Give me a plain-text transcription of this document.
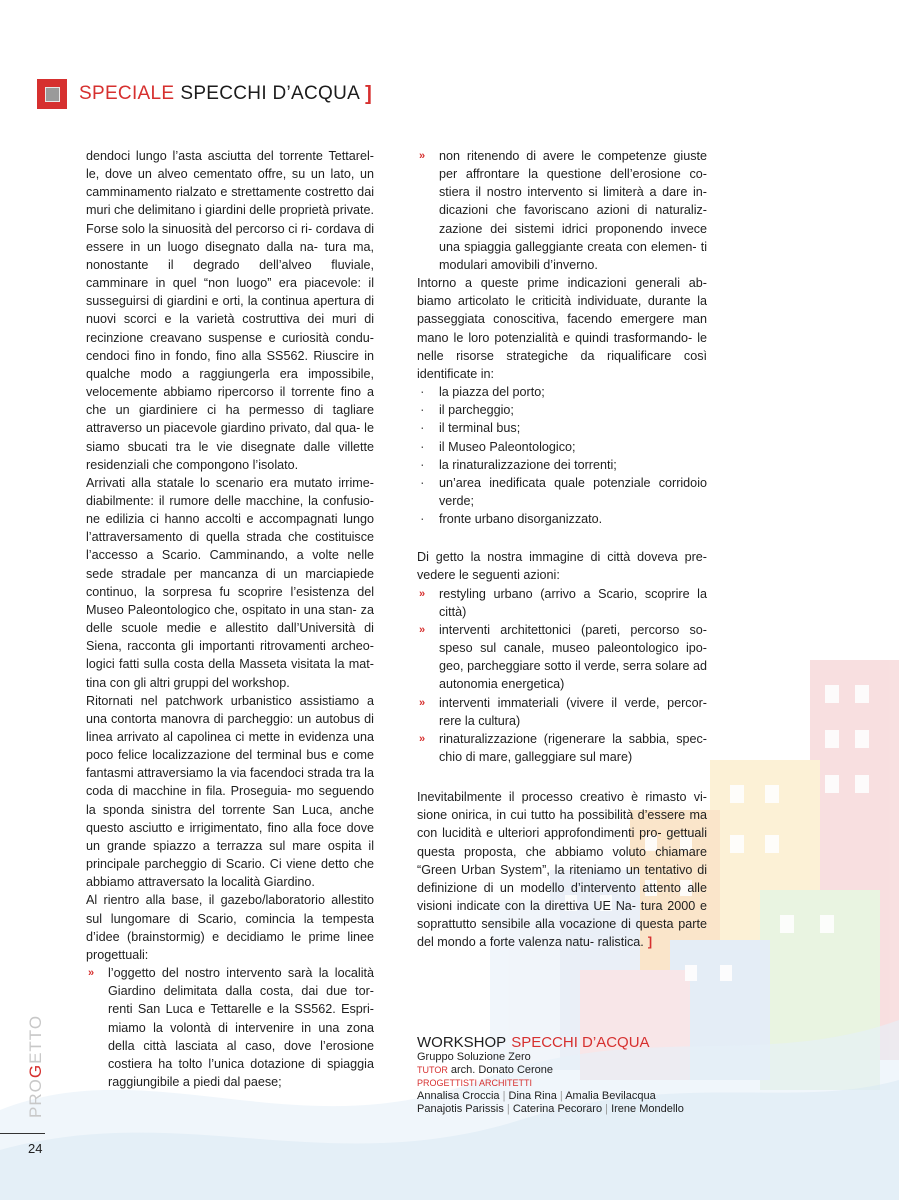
SPECIALE SPECCHI D’ACQUA ]

dendoci lungo l’asta asciutta del torrente Tettarel- le, dove un alveo cementato offre, su un lato, un camminamento rialzato e strettamente costretto dai muri che delimitano i giardini delle proprietà private. Forse solo la sinuosità del percorso ci ri- cordava di essere in un luogo disegnato dalla na- tura ma, nonostante il degrado dell’alveo fluviale, camminare in quel “non luogo” era piacevole: il susseguirsi di giardini e orti, la continua apertura di nuovi scorci e la varietà costruttiva dei muri di recinzione creavano suspense e curiosità condu- cendoci fino in fondo, fino alla SS562. Riuscire in qualche modo a raggiungerla era impossibile, velocemente abbiamo ripercorso il torrente fino a che un giardiniere ci ha permesso di tagliare attraverso un piacevole giardino privato, dal qua- le siamo sbucati tra le vie disegnate dalle villette residenziali che compongono l’isolato.

Arrivati alla statale lo scenario era mutato irrime- diabilmente: il rumore delle macchine, la confusio- ne edilizia ci hanno accolti e accompagnati lungo l’attraversamento di quella strada che costituisce l’accesso a Scario. Camminando, a volte nelle sede stradale per mancanza di un marciapiede continuo, la sorpresa fu scoprire l’esistenza del Museo Paleontologico che, ospitato in una stan- za delle scuole medie e allestito dall’Università di Siena, racconta gli importanti ritrovamenti archeo- logici fatti sulla costa della Masseta visitata la mat- tina con gli altri gruppi del workshop.

Ritornati nel patchwork urbanistico assistiamo a una contorta manovra di parcheggio: un autobus di linea arrivato al capolinea ci mette in evidenza una poco felice localizzazione del terminal bus e come fantasmi attraversiamo la via facendoci strada tra la coda di macchine in fila. Proseguia- mo seguendo la sponda sinistra del torrente San Luca, anche questo asciutto e irrigimentato, fino alla foce dove un grande spiazzo a terrazza sul mare ospita il principale parcheggio di Scario. Ci viene detto che abbiamo attraversato la località Giardino.

Al rientro alla base, il gazebo/laboratorio allestito sul lungomare di Scario, comincia la tempesta d’idee (brainstormig) e decidiamo le prime linee progettuali:

» l’oggetto del nostro intervento sarà la località Giardino delimitata dalla costa, dai due tor- renti San Luca e Tettarelle e la SS562. Espri- miamo la volontà di intervenire in una zona della città lasciata al caso, dove l’erosione costiera ha tolto l’unica dotazione di spiaggia raggiungibile a piedi dal paese;
» non ritenendo di avere le competenze giuste per affrontare la questione dell’erosione co- stiera il nostro intervento si limiterà a dare in- dicazioni che favoriscano azioni di naturaliz- zazione dei sistemi idrici proponendo invece una spiaggia galleggiante creata con elemen- ti modulari amovibili d’inverno.

Intorno a queste prime indicazioni generali ab- biamo articolato le criticità individuate, durante la passeggiata conoscitiva, facendo emergere man mano le loro potenzialità e quindi trasformando- le nelle risorse strategiche da riqualificare così identificate in:

· la piazza del porto;
· il parcheggio;
· il terminal bus;
· il Museo Paleontologico;
· la rinaturalizzazione dei torrenti;
· un’area inedificata quale potenziale corridoio verde;
· fronte urbano disorganizzato.

Di getto la nostra immagine di città doveva pre- vedere le seguenti azioni:

» restyling urbano (arrivo a Scario, scoprire la città)
» interventi architettonici (pareti, percorso so- speso sul canale, museo paleontologico ipo- geo, parcheggiare sotto il verde, serra solare ad autonomia energetica)
» interventi immateriali (vivere il verde, percor- rere la cultura)
» rinaturalizzazione (rigenerare la sabbia, spec- chio di mare, galleggiare sul mare)

Inevitabilmente il processo creativo è rimasto vi- sione onirica, in cui tutto ha possibilità d’essere ma con lucidità e ulteriori approfondimenti pro- gettuali questa proposta, che abbiamo voluto chiamare “Green Urban System”, la riteniamo un tentativo di definizione di un modello d’intervento attento alle visioni indicate con la direttiva UE Na- tura 2000 e soprattutto sensibile alla vocazione di questa parte del mondo a forte valenza natu- ralistica. ]

WORKSHOP SPECCHI D’ACQUA
Gruppo Soluzione Zero
TUTOR arch. Donato Cerone
PROGETTISTI ARCHITETTI
Annalisa Croccia | Dina Rina | Amalia Bevilacqua
Panajotis Parissis | Caterina Pecoraro | Irene Mondello
PROGETTO
24
